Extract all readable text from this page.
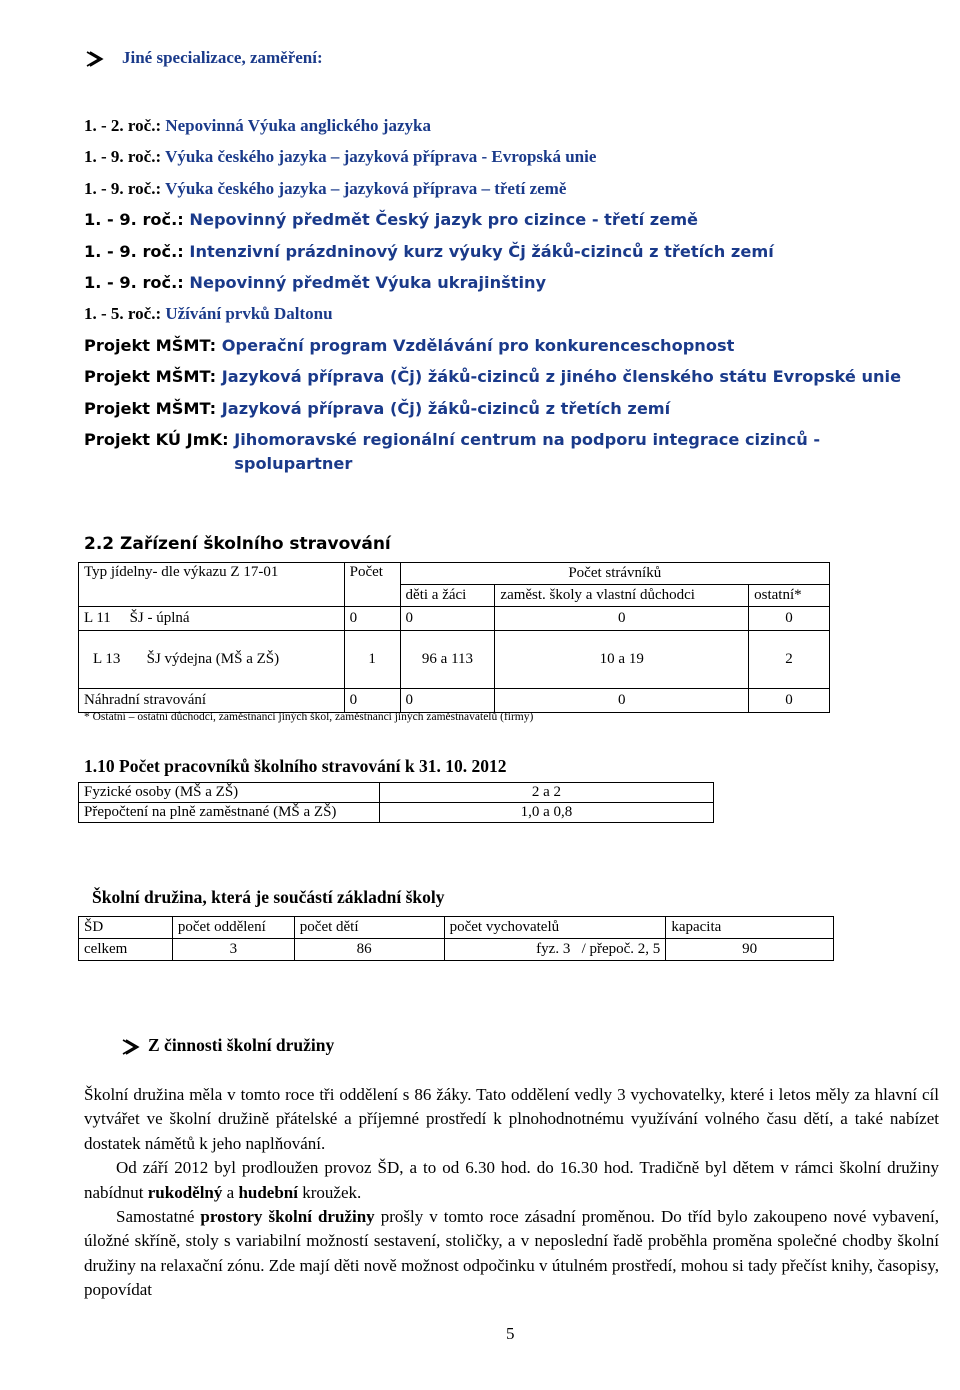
Jiné specializace, zaměření:
1. - 2. roč.: Nepovinná Výuka anglického jazyka
1. - 9. roč.: Výuka českého jazyka – jazyková příprava - Evropská unie
1. - 9. roč.: Výuka českého jazyka – jazyková příprava – třetí země
1. - 9. roč.: Nepovinný předmět Český jazyk pro cizince - třetí země
1. - 9. roč.: Intenzivní prázdninový kurz výuky Čj žáků-cizinců z třetích zemí
1. - 9. roč.: Nepovinný předmět Výuka ukrajinštiny
1. - 5. roč.: Užívání prvků Daltonu
Projekt MŠMT: Operační program Vzdělávání pro konkurenceschopnost
Projekt MŠMT: Jazyková příprava (Čj) žáků-cizinců z jiného členského státu Evropské unie
Projekt MŠMT: Jazyková příprava (Čj) žáků-cizinců z třetích zemí
Projekt KÚ JmK: Jihomoravské regionální centrum na podporu integrace cizinců -
spolupartner
2.2 Zařízení školního stravování
Typ jídelny- dle výkazu Z 17-01	Počet	Počet strávníků		
		děti a žáci	zaměst. školy a vlastní důchodci	ostatní*
L 11 ŠJ - úplná	0	0	0	0
L 13 ŠJ výdejna (MŠ a ZŠ)	1	96 a 113	10 a 19	2
Náhradní stravování	0	0	0	0
* Ostatní – ostatní důchodci, zaměstnanci jiných škol, zaměstnanci jiných zaměstnavatelů (firmy)
1.10 Počet pracovníků školního stravování k 31. 10. 2012
Fyzické osoby (MŠ a ZŠ)	2 a 2
Přepočtení na plně zaměstnané (MŠ a ZŠ)	1,0 a 0,8
Školní družina, která je součástí základní školy
ŠD	počet oddělení	počet dětí	počet vychovatelů	kapacita
celkem	3	86	fyz. 3 / přepoč. 2, 5	90
Z činnosti školní družiny

Školní družina měla v tomto roce tři oddělení s 86 žáky. Tato oddělení vedly 3 vychovatelky, které i letos měly za hlavní cíl vytvářet ve školní družině přátelské a příjemné prostředí k plnohodnotnému využívání volného času dětí, a také nabízet dostatek námětů k jeho naplňování.

Od září 2012 byl prodloužen provoz ŠD, a to od 6.30 hod. do 16.30 hod. Tradičně byl dětem v rámci školní družiny nabídnut rukodělný a hudební kroužek.

Samostatné prostory školní družiny prošly v tomto roce zásadní proměnou. Do tříd bylo zakoupeno nové vybavení, úložné skříně, stoly s variabilní možností sestavení, stoličky, a v neposlední řadě proběhla proměna společné chodby školní družiny na relaxační zónu. Zde mají děti nově možnost odpočinku v útulném prostředí, mohou si tady přečíst knihy, časopisy, popovídat

5
